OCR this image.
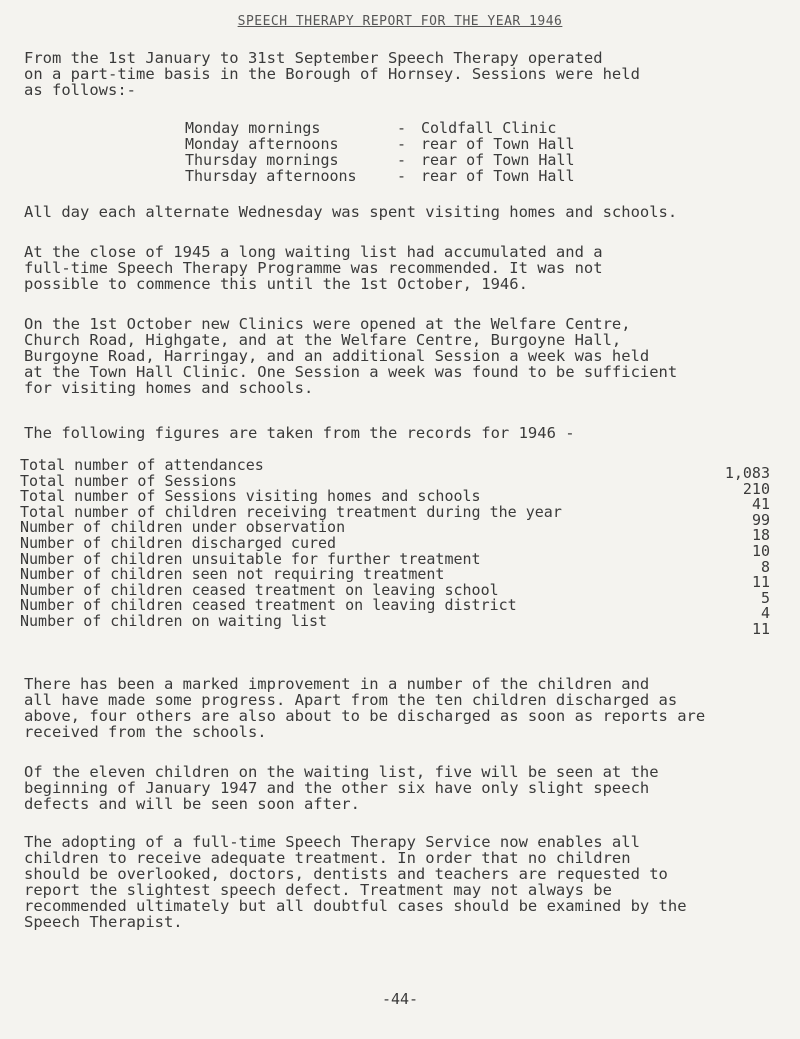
SPEECH THERAPY REPORT FOR THE YEAR 1946

From the 1st January to 31st September Speech Therapy operated
on a part-time basis in the Borough of Hornsey. Sessions were held
as follows:-

Monday mornings	- Coldfall Clinic
Monday afternoons	- rear of Town Hall
Thursday mornings	- rear of Town Hall
Thursday afternoons	- rear of Town Hall

All day each alternate Wednesday was spent visiting homes and schools.

At the close of 1945 a long waiting list had accumulated and a
full-time Speech Therapy Programme was recommended. It was not
possible to commence this until the 1st October, 1946.

On the 1st October new Clinics were opened at the Welfare Centre,
Church Road, Highgate, and at the Welfare Centre, Burgoyne Hall,
Burgoyne Road, Harringay, and an additional Session a week was held
at the Town Hall Clinic. One Session a week was found to be sufficient
for visiting homes and schools.

The following figures are taken from the records for 1946 -

Total number of attendances	1,083
Total number of Sessions	210
Total number of Sessions visiting homes and schools	41
Total number of children receiving treatment during the year	99
Number of children under observation	18
Number of children discharged cured	10
Number of children unsuitable for further treatment	8
Number of children seen not requiring treatment	11
Number of children ceased treatment on leaving school	5
Number of children ceased treatment on leaving district	4
Number of children on waiting list	11

There has been a marked improvement in a number of the children and
all have made some progress. Apart from the ten children discharged as
above, four others are also about to be discharged as soon as reports are
received from the schools.

Of the eleven children on the waiting list, five will be seen at the
beginning of January 1947 and the other six have only slight speech
defects and will be seen soon after.

The adopting of a full-time Speech Therapy Service now enables all
children to receive adequate treatment. In order that no children
should be overlooked, doctors, dentists and teachers are requested to
report the slightest speech defect. Treatment may not always be
recommended ultimately but all doubtful cases should be examined by the
Speech Therapist.

-44-
